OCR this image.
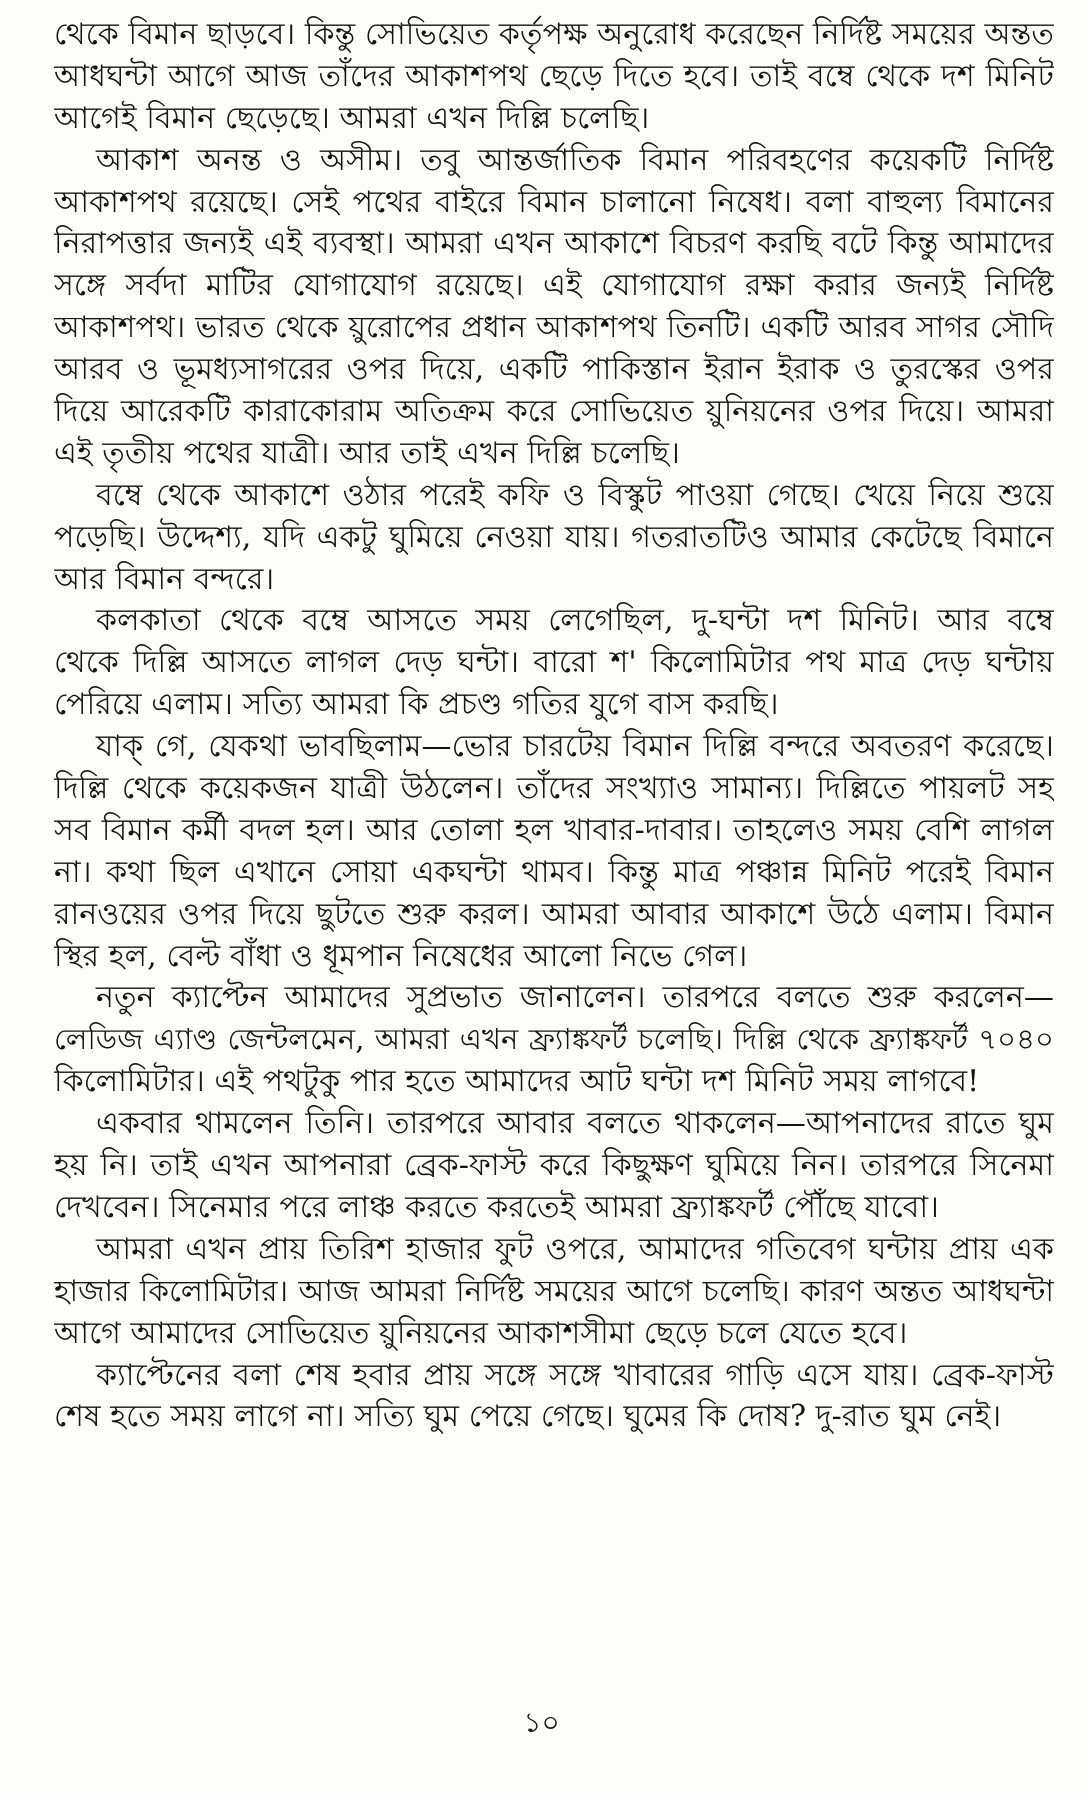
থেকে বিমান ছাড়বে। কিন্তু সোভিয়েত কর্তৃপক্ষ অনুরোধ করেছেন নির্দিষ্ট সময়ের অন্তত
আধঘন্টা আগে আজ তাঁদের আকাশপথ ছেড়ে দিতে হবে। তাই বম্বে থেকে দশ মিনিট
আগেই বিমান ছেড়েছে। আমরা এখন দিল্লি চলেছি।
আকাশ অনন্ত ও অসীম। তবু আন্তর্জাতিক বিমান পরিবহণের কয়েকটি নির্দিষ্ট
আকাশপথ রয়েছে। সেই পথের বাইরে বিমান চালানো নিষেধ। বলা বাহুল্য বিমানের
নিরাপত্তার জন্যই এই ব্যবস্থা। আমরা এখন আকাশে বিচরণ করছি বটে কিন্তু আমাদের
সঙ্গে সর্বদা মাটির যোগাযোগ রয়েছে। এই যোগাযোগ রক্ষা করার জন্যই নির্দিষ্ট
আকাশপথ। ভারত থেকে য়ুরোপের প্রধান আকাশপথ তিনটি। একটি আরব সাগর সৌদি
আরব ও ভূমধ্যসাগরের ওপর দিয়ে, একটি পাকিস্তান ইরান ইরাক ও তুরস্কের ওপর
দিয়ে আরেকটি কারাকোরাম অতিক্রম করে সোভিয়েত য়ুনিয়নের ওপর দিয়ে। আমরা
এই তৃতীয় পথের যাত্রী। আর তাই এখন দিল্লি চলেছি।
বম্বে থেকে আকাশে ওঠার পরেই কফি ও বিস্কুট পাওয়া গেছে। খেয়ে নিয়ে শুয়ে
পড়েছি। উদ্দেশ্য, যদি একটু ঘুমিয়ে নেওয়া যায়। গতরাতটিও আমার কেটেছে বিমানে
আর বিমান বন্দরে।
কলকাতা থেকে বম্বে আসতে সময় লেগেছিল, দু-ঘন্টা দশ মিনিট। আর বম্বে
থেকে দিল্লি আসতে লাগল দেড় ঘন্টা। বারো শ' কিলোমিটার পথ মাত্র দেড় ঘন্টায়
পেরিয়ে এলাম। সত্যি আমরা কি প্রচণ্ড গতির যুগে বাস করছি।
যাক্ গে, যেকথা ভাবছিলাম—ভোর চারটেয় বিমান দিল্লি বন্দরে অবতরণ করেছে।
দিল্লি থেকে কয়েকজন যাত্রী উঠলেন। তাঁদের সংখ্যাও সামান্য। দিল্লিতে পায়লট সহ
সব বিমান কর্মী বদল হল। আর তোলা হল খাবার-দাবার। তাহলেও সময় বেশি লাগল
না। কথা ছিল এখানে সোয়া একঘন্টা থামব। কিন্তু মাত্র পঞ্চান্ন মিনিট পরেই বিমান
রানওয়ের ওপর দিয়ে ছুটতে শুরু করল। আমরা আবার আকাশে উঠে এলাম। বিমান
স্থির হল, বেল্ট বাঁধা ও ধূমপান নিষেধের আলো নিভে গেল।
নতুন ক্যাপ্টেন আমাদের সুপ্রভাত জানালেন। তারপরে বলতে শুরু করলেন—
লেডিজ এ্যাণ্ড জেন্টলমেন, আমরা এখন ফ্র্যাঙ্কফর্ট চলেছি। দিল্লি থেকে ফ্র্যাঙ্কফর্ট ৭০৪০
কিলোমিটার। এই পথটুকু পার হতে আমাদের আট ঘন্টা দশ মিনিট সময় লাগবে!
একবার থামলেন তিনি। তারপরে আবার বলতে থাকলেন—আপনাদের রাতে ঘুম
হয় নি। তাই এখন আপনারা ব্রেক-ফাস্ট করে কিছুক্ষণ ঘুমিয়ে নিন। তারপরে সিনেমা
দেখবেন। সিনেমার পরে লাঞ্চ করতে করতেই আমরা ফ্র্যাঙ্কফর্ট পৌঁছে যাবো।
আমরা এখন প্রায় তিরিশ হাজার ফুট ওপরে, আমাদের গতিবেগ ঘন্টায় প্রায় এক
হাজার কিলোমিটার। আজ আমরা নির্দিষ্ট সময়ের আগে চলেছি। কারণ অন্তত আধঘন্টা
আগে আমাদের সোভিয়েত য়ুনিয়নের আকাশসীমা ছেড়ে চলে যেতে হবে।
ক্যাপ্টেনের বলা শেষ হবার প্রায় সঙ্গে সঙ্গে খাবারের গাড়ি এসে যায়। ব্রেক-ফাস্ট
শেষ হতে সময় লাগে না। সত্যি ঘুম পেয়ে গেছে। ঘুমের কি দোষ? দু-রাত ঘুম নেই।
১০
